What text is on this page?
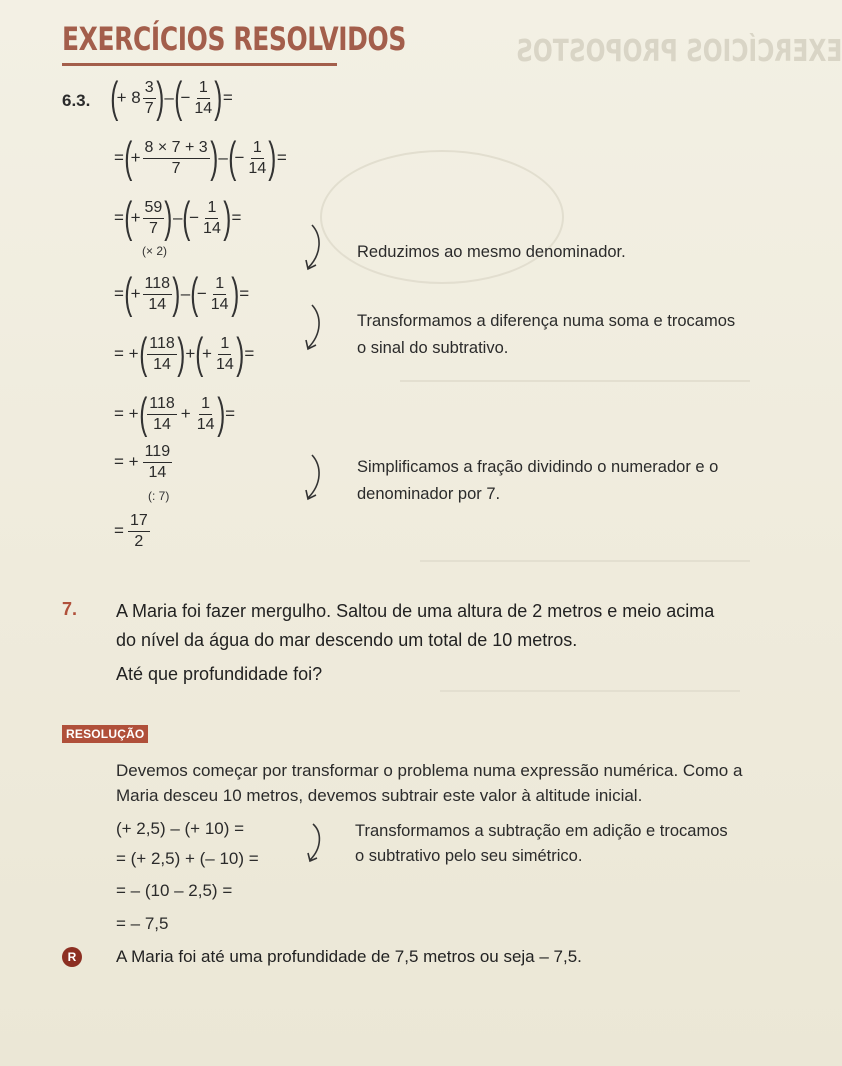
EXERCÍCIOS PROPOSTOS
EXERCÍCIOS RESOLVIDOS
6.3. (
+ $8 \frac{3}{7}$ ) – (
− $\frac{1}{14}$ ) =
= (
+ $\frac{8 \times 7 + 3}{7}$ ) – (
− $\frac{1}{14}$ ) =
= (
+ $\frac{59}{7}$ ) – (
− $\frac{1}{14}$ ) =
(× 2)
= (
+ $\frac{118}{14}$ ) – (
− $\frac{1}{14}$ ) =
= + ( $\frac{118}{14}$ ) + (
+ $\frac{1}{14}$ ) =
= + ( $\frac{118}{14} + \frac{1}{14}$ ) =
= + $\frac{119}{14}$
(: 7)
= $\frac{17}{2}$
Reduzimos ao mesmo denominador.
Transformamos a diferença numa soma e trocamos
o sinal do subtrativo.
Simplificamos a fração dividindo o numerador e o
denominador por 7.
7. A Maria foi fazer mergulho. Saltou de uma altura de 2 metros e meio acima
do nível da água do mar descendo um total de 10 metros.
Até que profundidade foi?
RESOLUÇÃO
Devemos começar por transformar o problema numa expressão numérica. Como a
Maria desceu 10 metros, devemos subtrair este valor à altitude inicial.
(+ 2,5) – (+ 10) =
= (+ 2,5) + (– 10) =
= – (10 – 2,5) =
= – 7,5
Transformamos a subtração em adição e trocamos
o subtrativo pelo seu simétrico.
R	A Maria foi até uma profundidade de 7,5 metros ou seja – 7,5.
